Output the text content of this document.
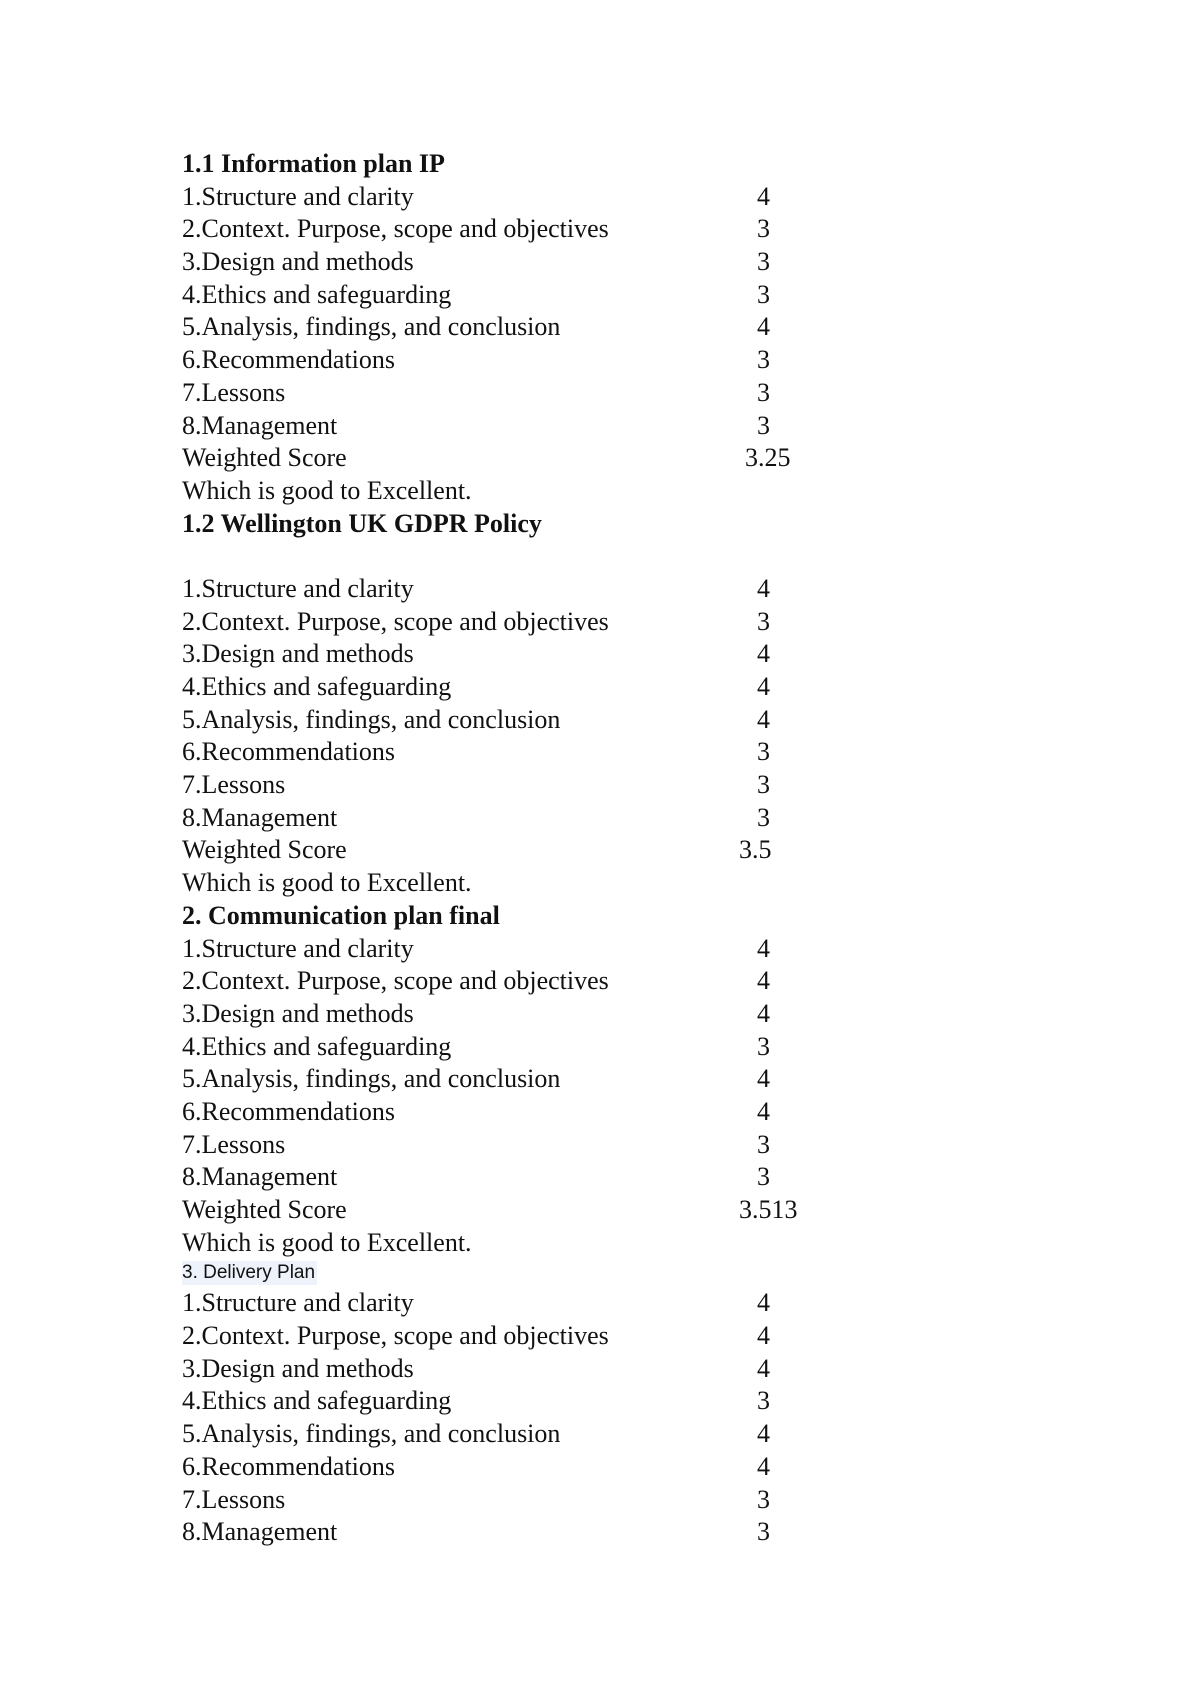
1.1 Information plan IP
1.Structure and clarity	4
2.Context. Purpose, scope and objectives	3
3.Design and methods	3
4.Ethics and safeguarding	3
5.Analysis, findings, and conclusion	4
6.Recommendations	3
7.Lessons	3
8.Management	3
Weighted Score	3.25
Which is good to Excellent.
1.2 Wellington UK GDPR Policy
1.Structure and clarity	4
2.Context. Purpose, scope and objectives	3
3.Design and methods	4
4.Ethics and safeguarding	4
5.Analysis, findings, and conclusion	4
6.Recommendations	3
7.Lessons	3
8.Management	3
Weighted Score	3.5
Which is good to Excellent.
2. Communication plan final
1.Structure and clarity	4
2.Context. Purpose, scope and objectives	4
3.Design and methods	4
4.Ethics and safeguarding	3
5.Analysis, findings, and conclusion	4
6.Recommendations	4
7.Lessons	3
8.Management	3
Weighted Score	3.513
Which is good to Excellent.
3. Delivery Plan
1.Structure and clarity	4
2.Context. Purpose, scope and objectives	4
3.Design and methods	4
4.Ethics and safeguarding	3
5.Analysis, findings, and conclusion	4
6.Recommendations	4
7.Lessons	3
8.Management	3
